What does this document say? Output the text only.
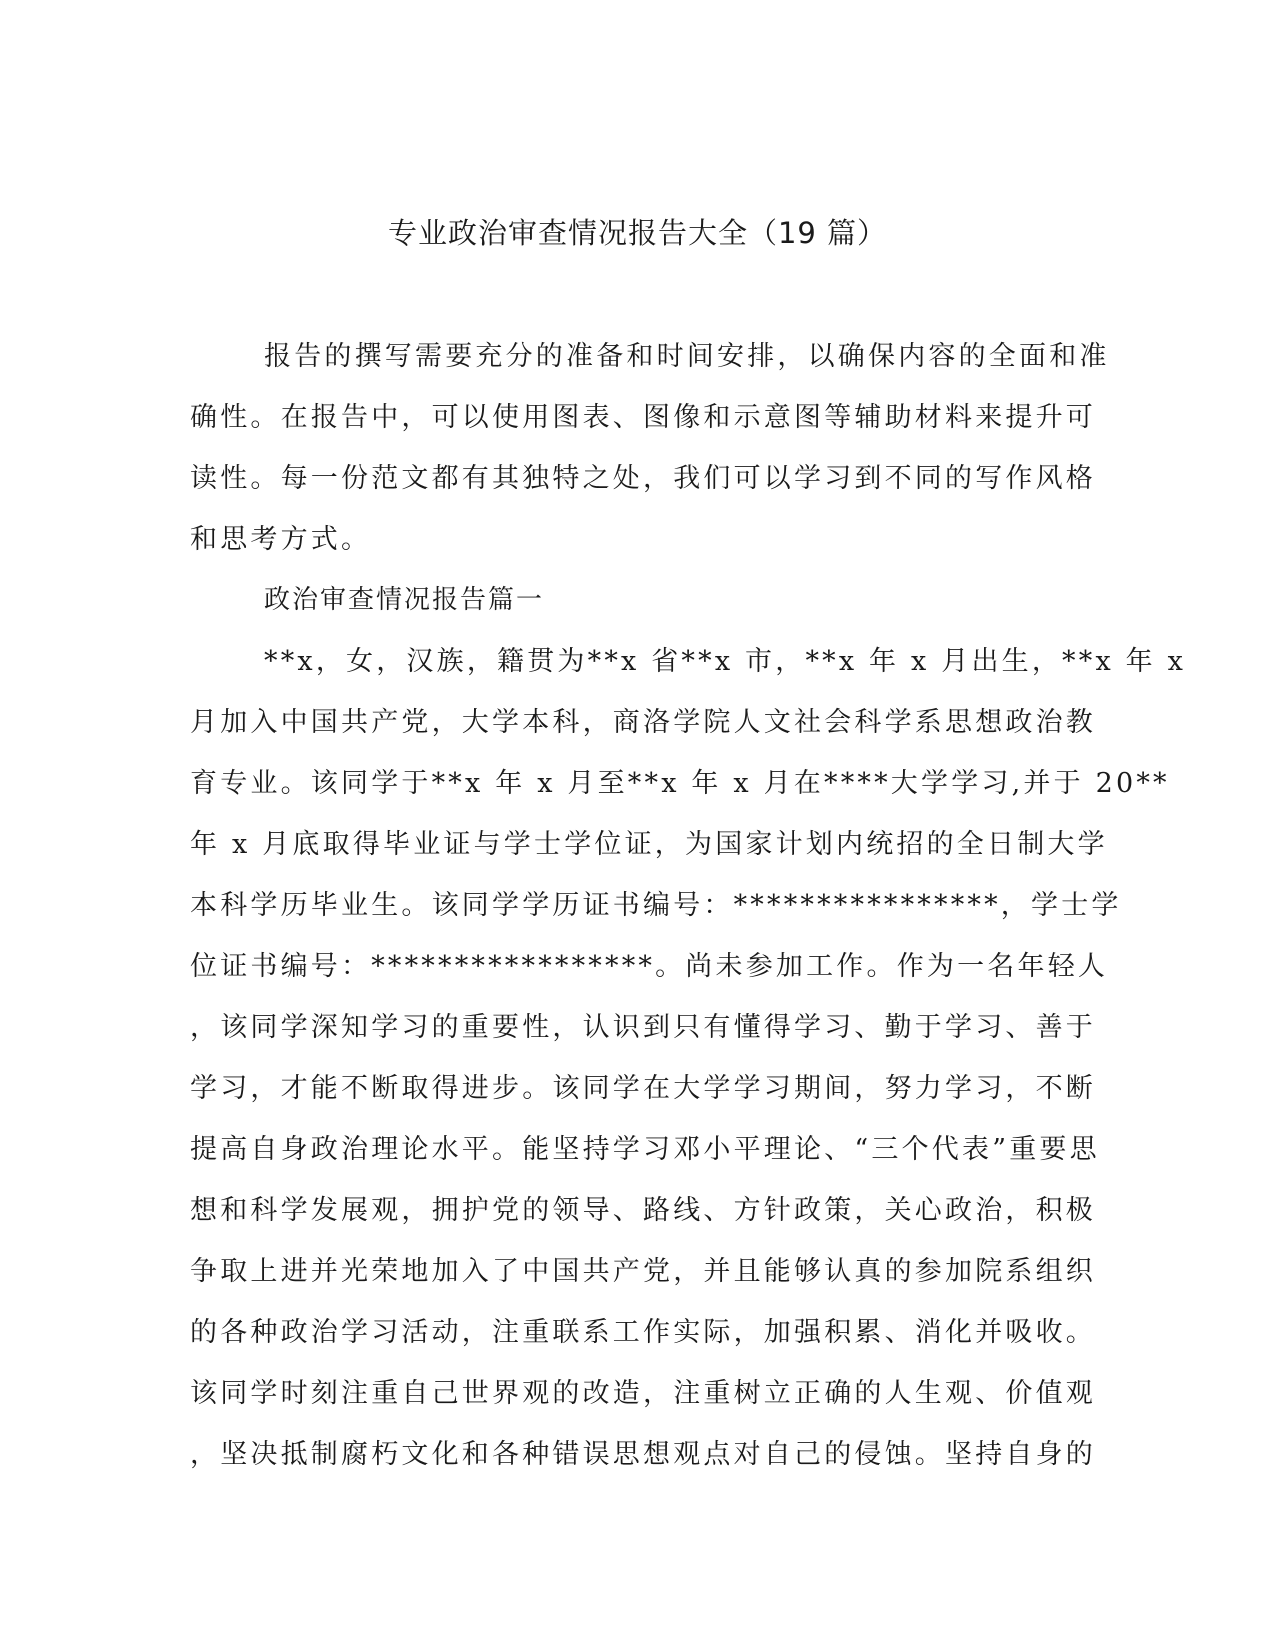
专业政治审查情况报告大全（19 篇）
报告的撰写需要充分的准备和时间安排，以确保内容的全面和准
确性。在报告中，可以使用图表、图像和示意图等辅助材料来提升可
读性。每一份范文都有其独特之处，我们可以学习到不同的写作风格
和思考方式。
政治审查情况报告篇一
**x，女，汉族，籍贯为**x 省**x 市，**x 年 x 月出生，**x 年 x
月加入中国共产党，大学本科，商洛学院人文社会科学系思想政治教
育专业。该同学于**x 年 x 月至**x 年 x 月在****大学学习,并于 20**
年 x 月底取得毕业证与学士学位证，为国家计划内统招的全日制大学
本科学历毕业生。该同学学历证书编号：****************，学士学
位证书编号：*****************。尚未参加工作。作为一名年轻人
，该同学深知学习的重要性，认识到只有懂得学习、勤于学习、善于
学习，才能不断取得进步。该同学在大学学习期间，努力学习，不断
提高自身政治理论水平。能坚持学习邓小平理论、“三个代表”重要思
想和科学发展观，拥护党的领导、路线、方针政策，关心政治，积极
争取上进并光荣地加入了中国共产党，并且能够认真的参加院系组织
的各种政治学习活动，注重联系工作实际，加强积累、消化并吸收。
该同学时刻注重自己世界观的改造，注重树立正确的人生观、价值观
，坚决抵制腐朽文化和各种错误思想观点对自己的侵蚀。坚持自身的
